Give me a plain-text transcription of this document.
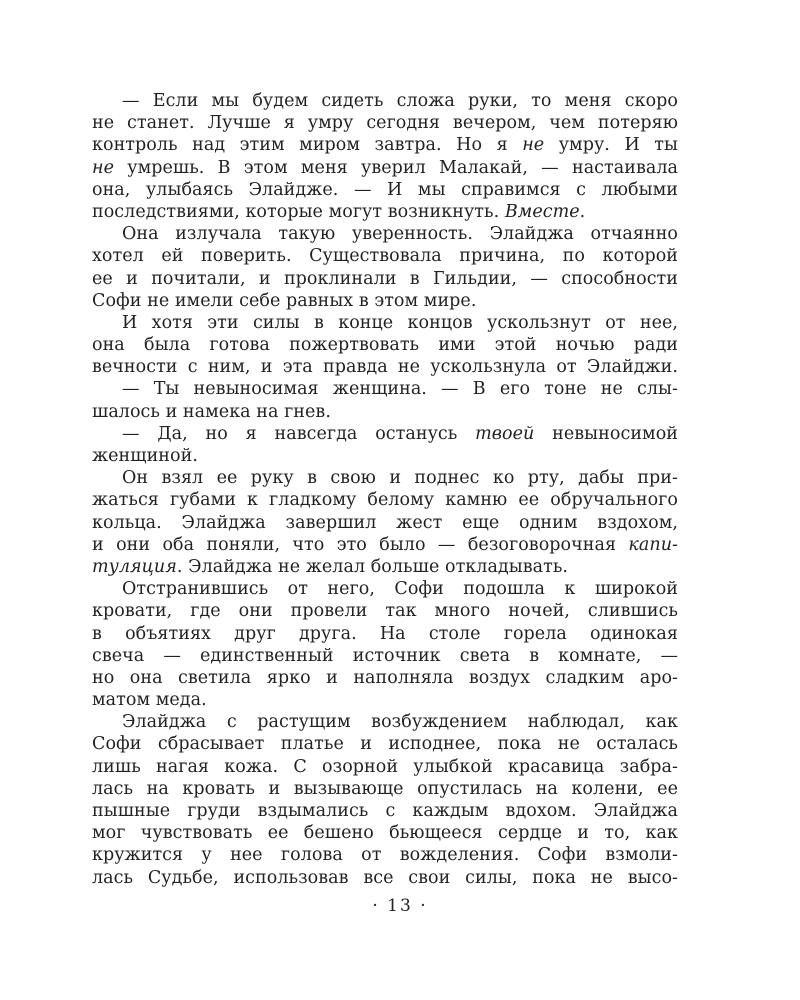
— Если мы будем сидеть сложа руки, то меня скоро
не станет. Лучше я умру сегодня вечером, чем потеряю
контроль над этим миром завтра. Но я не умру. И ты
не умрешь. В этом меня уверил Малакай, — настаивала
она, улыбаясь Элайдже. — И мы справимся с любыми
последствиями, которые могут возникнуть. Вместе.
Она излучала такую уверенность. Элайджа отчаянно
хотел ей поверить. Существовала причина, по которой
ее и почитали, и проклинали в Гильдии, — способности
Софи не имели себе равных в этом мире.
И хотя эти силы в конце концов ускользнут от нее,
она была готова пожертвовать ими этой ночью ради
вечности с ним, и эта правда не ускользнула от Элайджи.
— Ты невыносимая женщина. — В его тоне не слы-
шалось и намека на гнев.
— Да, но я навсегда останусь твоей невыносимой
женщиной.
Он взял ее руку в свою и поднес ко рту, дабы при-
жаться губами к гладкому белому камню ее обручального
кольца. Элайджа завершил жест еще одним вздохом,
и они оба поняли, что это было — безоговорочная капи-
туляция. Элайджа не желал больше откладывать.
Отстранившись от него, Софи подошла к широкой
кровати, где они провели так много ночей, слившись
в объятиях друг друга. На столе горела одинокая
свеча — единственный источник света в комнате, —
но она светила ярко и наполняла воздух сладким аро-
матом меда.
Элайджа с растущим возбуждением наблюдал, как
Софи сбрасывает платье и исподнее, пока не осталась
лишь нагая кожа. С озорной улыбкой красавица забра-
лась на кровать и вызывающе опустилась на колени, ее
пышные груди вздымались с каждым вдохом. Элайджа
мог чувствовать ее бешено бьющееся сердце и то, как
кружится у нее голова от вожделения. Софи взмоли-
лась Судьбе, использовав все свои силы, пока не высо-
· 13 ·
